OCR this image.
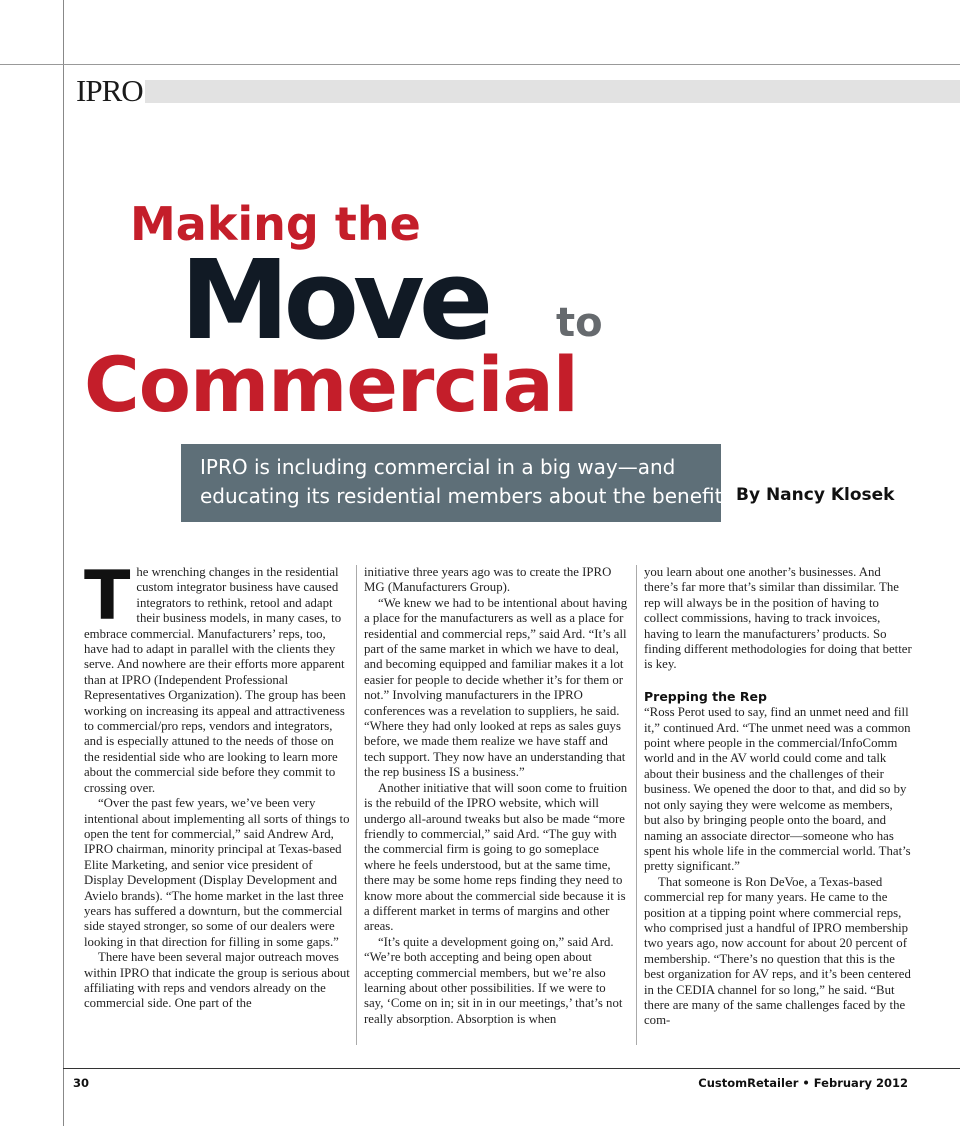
IPRO
Making the
Move to
Commercial
IPRO is including commercial in a big way—and
educating its residential members about the benefits.
By Nancy Klosek
T he wrenching changes in the residential custom integrator business have caused integrators to rethink, retool and adapt their business models, in many cases, to embrace commercial. Manufacturers’ reps, too, have had to adapt in parallel with the clients they serve. And nowhere are their efforts more apparent than at IPRO (Independent Professional Representatives Organization). The group has been working on increasing its appeal and attractiveness to commercial/pro reps, vendors and integrators, and is especially attuned to the needs of those on the residential side who are looking to learn more about the commercial side before they commit to crossing over.

“Over the past few years, we’ve been very intentional about implementing all sorts of things to open the tent for commercial,” said Andrew Ard, IPRO chairman, minority principal at Texas-based Elite Marketing, and senior vice president of Display Development (Display Development and Avielo brands). “The home market in the last three years has suffered a downturn, but the commercial side stayed stronger, so some of our dealers were looking in that direction for filling in some gaps.”

There have been several major outreach moves within IPRO that indicate the group is serious about affiliating with reps and vendors already on the commercial side. One part of the

initiative three years ago was to create the IPRO MG (Manufacturers Group).

“We knew we had to be intentional about having a place for the manufacturers as well as a place for residential and commercial reps,” said Ard. “It’s all part of the same market in which we have to deal, and becoming equipped and familiar makes it a lot easier for people to decide whether it’s for them or not.” Involving manufacturers in the IPRO conferences was a revelation to suppliers, he said. “Where they had only looked at reps as sales guys before, we made them realize we have staff and tech support. They now have an understanding that the rep business IS a business.”

Another initiative that will soon come to fruition is the rebuild of the IPRO website, which will undergo all-around tweaks but also be made “more friendly to commercial,” said Ard. “The guy with the commercial firm is going to go someplace where he feels understood, but at the same time, there may be some home reps finding they need to know more about the commercial side because it is a different market in terms of margins and other areas.

“It’s quite a development going on,” said Ard. “We’re both accepting and being open about accepting commercial members, but we’re also learning about other possibilities. If we were to say, ‘Come on in; sit in in our meetings,’ that’s not really absorption. Absorption is when

you learn about one another’s businesses. And there’s far more that’s similar than dissimilar. The rep will always be in the position of having to collect commissions, having to track invoices, having to learn the manufacturers’ products. So finding different methodologies for doing that better is key.

Prepping the Rep

“Ross Perot used to say, find an unmet need and fill it,” continued Ard. “The unmet need was a common point where people in the commercial/InfoComm world and in the AV world could come and talk about their business and the challenges of their business. We opened the door to that, and did so by not only saying they were welcome as members, but also by bringing people onto the board, and naming an associate director—someone who has spent his whole life in the commercial world. That’s pretty significant.”

That someone is Ron DeVoe, a Texas-based commercial rep for many years. He came to the position at a tipping point where commercial reps, who comprised just a handful of IPRO membership two years ago, now account for about 20 percent of membership. “There’s no question that this is the best organization for AV reps, and it’s been centered in the CEDIA channel for so long,” he said. “But there are many of the same challenges faced by the com-

30	CustomRetailer • February 2012
